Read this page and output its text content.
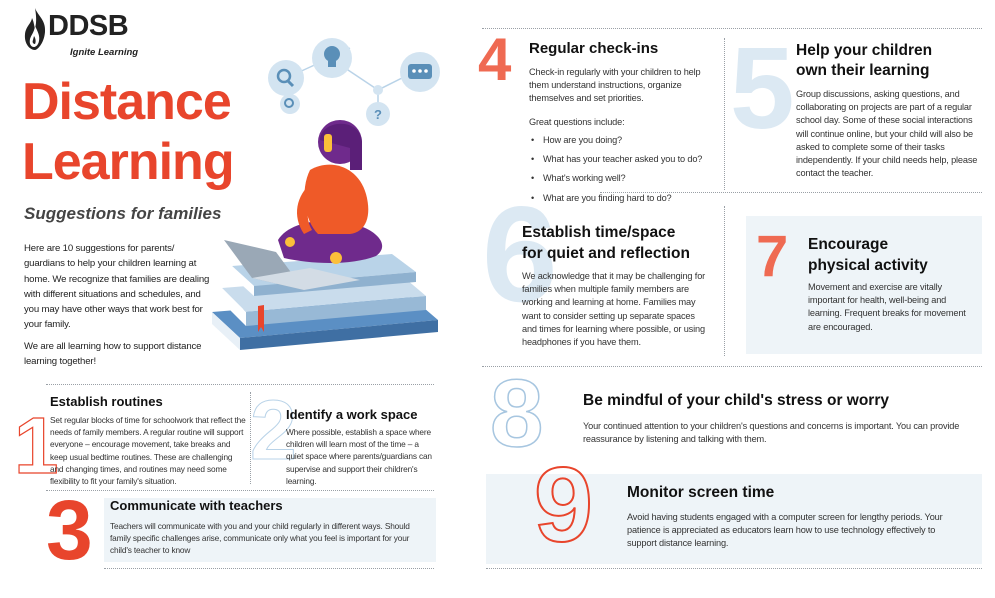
DDSB
Ignite Learning
Distance
Learning
Suggestions for families
Here are 10 suggestions for parents/ guardians to help your children learning at home. We recognize that families are dealing with different situations and schedules, and you may have other ways that work best for your family.
We are all learning how to support distance learning together!
?
1
Establish routines
Set regular blocks of time for schoolwork that reflect the needs of family members. A regular routine will support everyone – encourage movement, take breaks and keep usual bedtime routines. These are challenging and changing times, and routines may need some flexibility to fit your family's situation.
2
Identify a work space
Where possible, establish a space where children will learn most of the time – a quiet space where parents/guardians can supervise and support their children's learning.
3 Communicate with teachers
Teachers will communicate with you and your child regularly in different ways. Should family specific challenges arise, communicate only what you feel is important for your child's teacher to know
4 Regular check-ins
Check-in regularly with your children to help them understand instructions, organize themselves and set priorities.
Great questions include:
• How are you doing?
• What has your teacher asked you to do?
• What's working well?
• What are you finding hard to do?
5 Help your children
own their learning
Group discussions, asking questions, and collaborating on projects are part of a regular school day. Some of these social interactions will continue online, but your child will also be asked to complete some of their tasks independently. If your child needs help, please contact the teacher.
6
Establish time/space
for quiet and reflection
We acknowledge that it may be challenging for families when multiple family members are working and learning at home. Families may want to consider setting up separate spaces and times for learning where possible, or using headphones if you have them.
7 Encourage
physical activity
Movement and exercise are vitally important for health, well-being and learning. Frequent breaks for movement are encouraged.
8	Be mindful of your child's stress or worry
Your continued attention to your children's questions and concerns is important. You can provide reassurance by listening and talking with them.
9 Monitor screen time
Avoid having students engaged with a computer screen for lengthy periods. Your patience is appreciated as educators learn how to use technology effectively to support distance learning.
